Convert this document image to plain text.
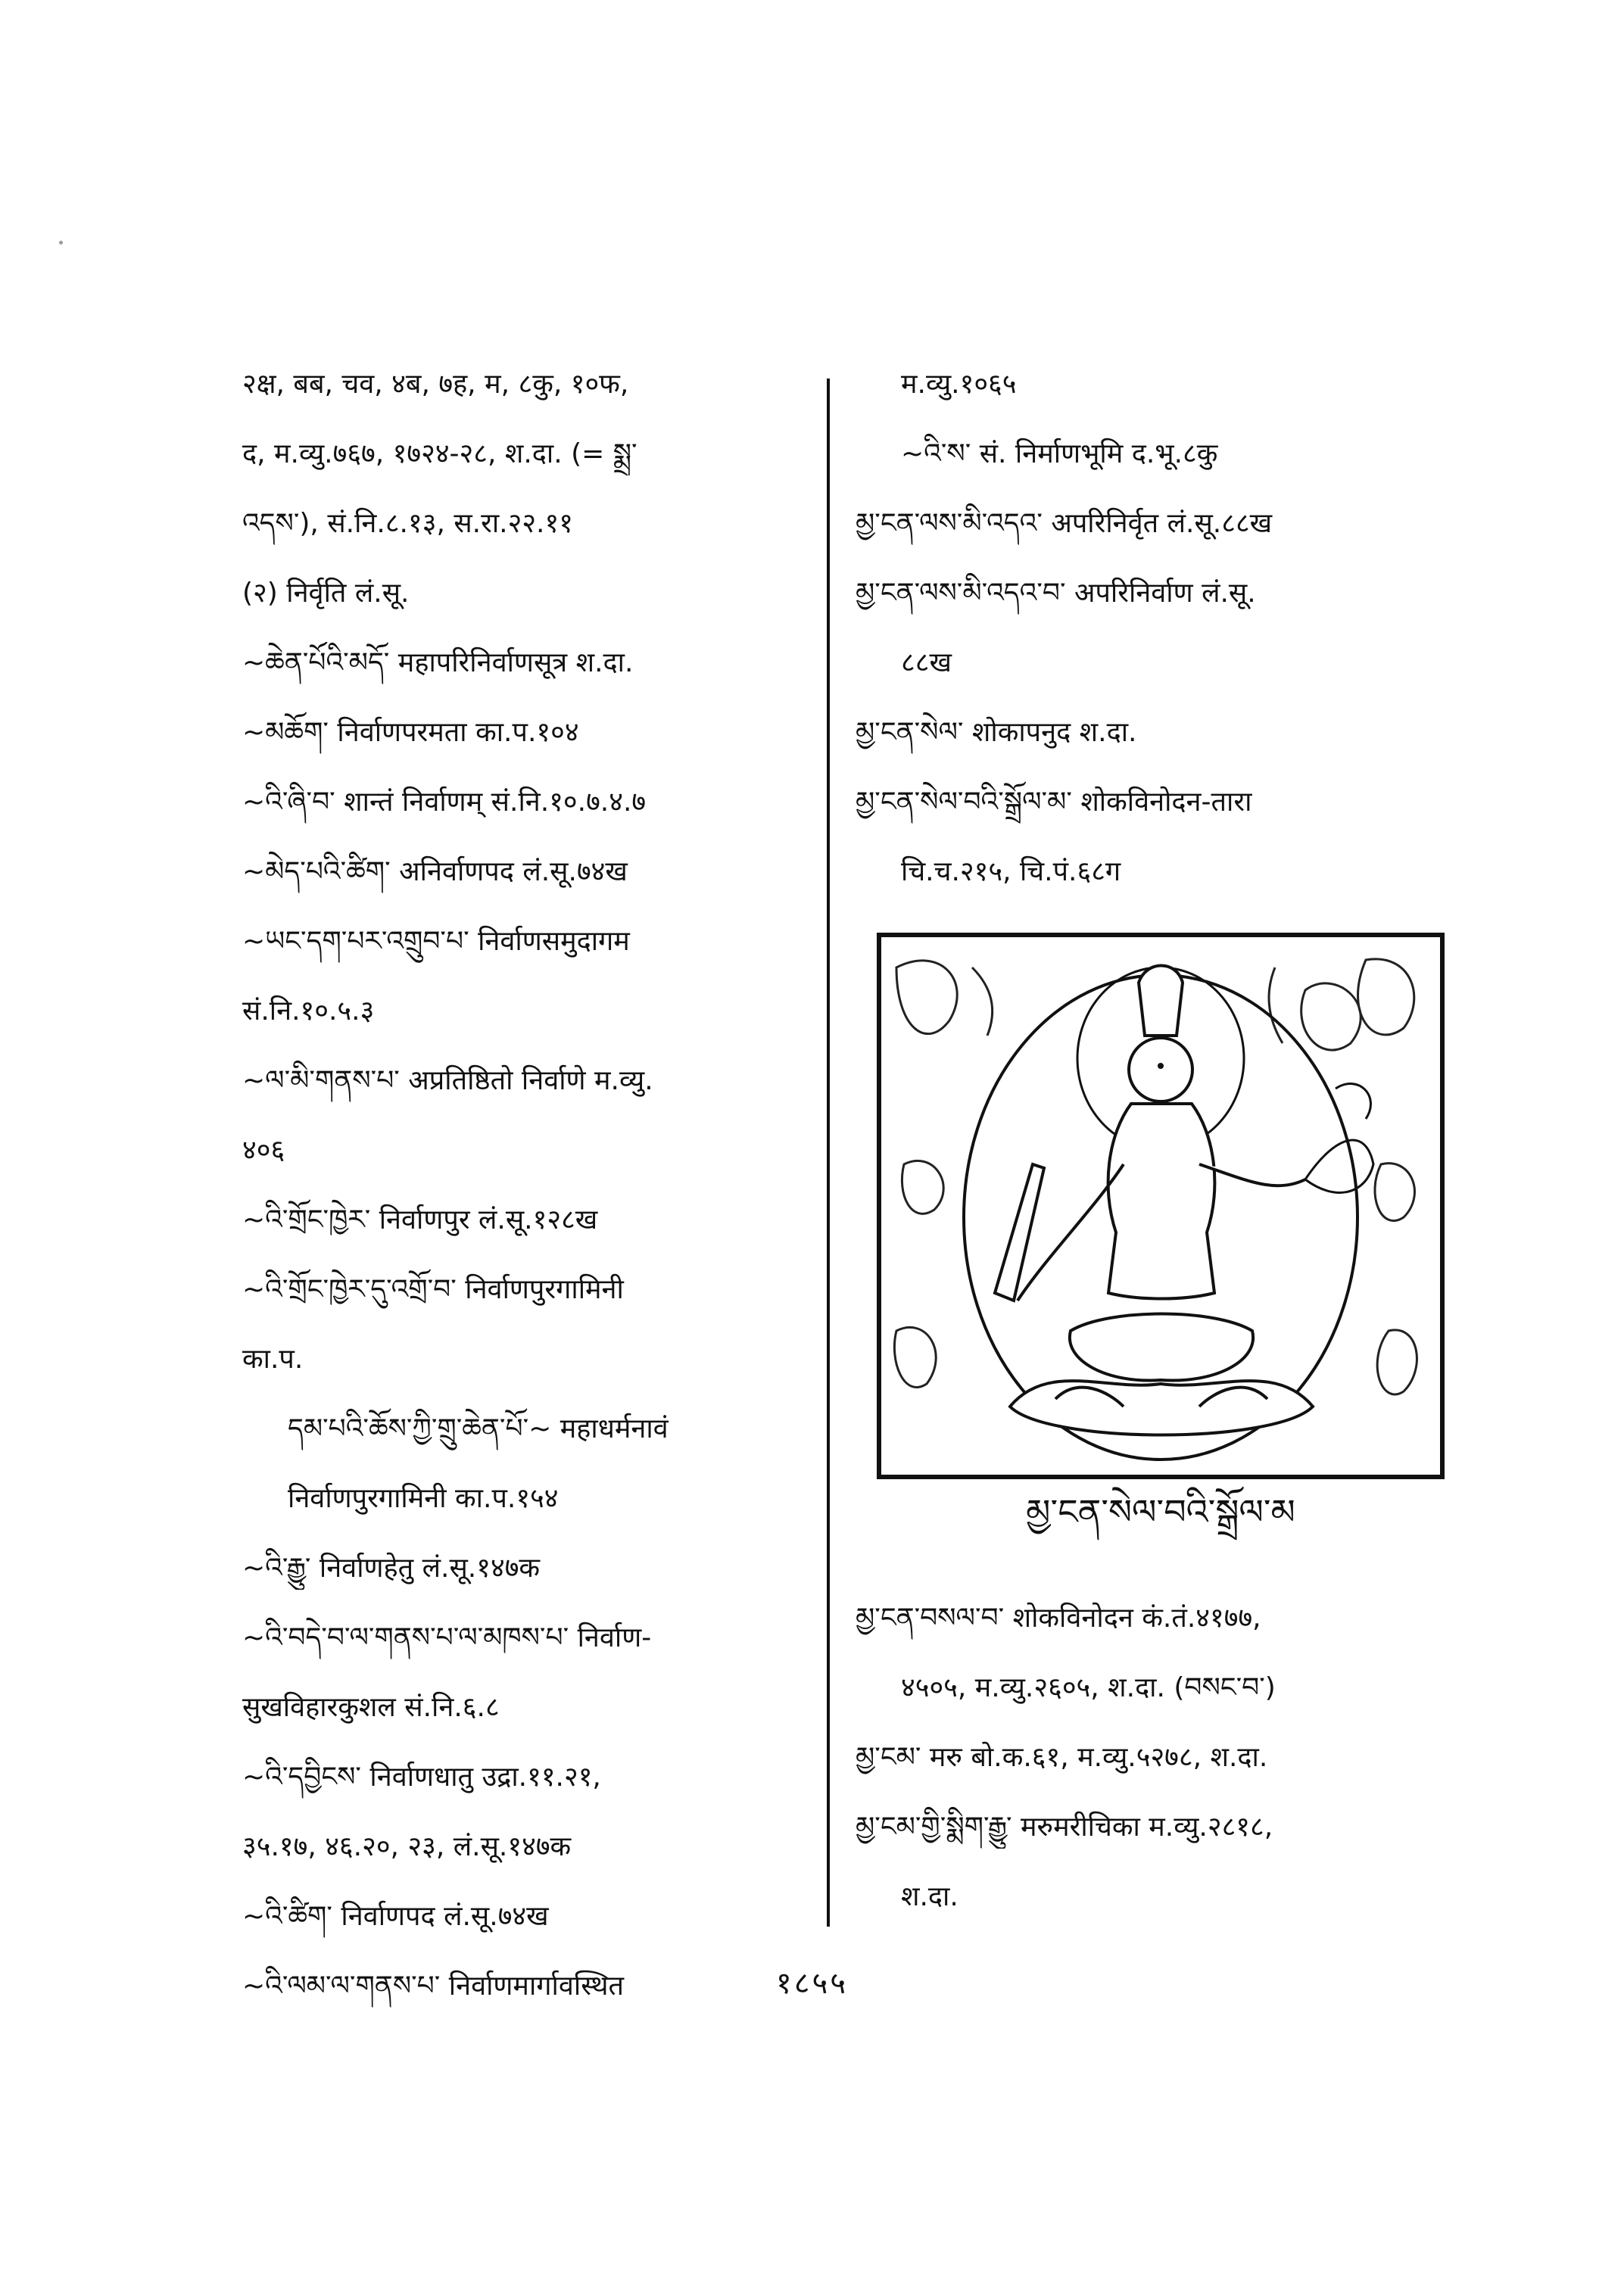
२क्ष, बब, चव, ४ब, ७ह, म, ८कु, १०फ,
द, म.व्यु.७६७, १७२४-२८, श.दा. (= སྨྲ་
འདས་), सं.नि.८.१३, स.रा.२२.११
(२) निर्वृति लं.सू.
~ཆེན་པོའི་མདོ་ महापरिनिर्वाणसूत्र श.दा.
~མཆོག་ निर्वाणपरमता का.प.१०४
~འི་ཞི་བ་ शान्तं निर्वाणम् सं.नि.१०.७.४.७
~མེད་པའི་ཚིག་ अनिर्वाणपद लं.सू.७४ख
~ཡང་དག་པར་འགྲུབ་པ་ निर्वाणसमुदागम
सं.नि.१०.५.३
~ལ་མི་གནས་པ་ अप्रतिष्ठितो निर्वाणे म.व्यु.
४०६
~འི་གྲོང་ཁྱེར་ निर्वाणपुर लं.सू.१२८ख
~འི་གྲོང་ཁྱེར་དུ་འགྲོ་བ་ निर्वाणपुरगामिनी
का.प.
དམ་པའི་ཆོས་ཀྱི་གྲུ་ཆེན་པོ་~ महाधर्मनावं
निर्वाणपुरगामिनी का.प.१५४
~འི་རྒྱུ་ निर्वाणहेतु लं.सू.१४७क
~འི་བདེ་བ་ལ་གནས་པ་ལ་མཁས་པ་ निर्वाण-
सुखविहारकुशल सं.नि.६.८
~འི་དབྱིངས་ निर्वाणधातु उद्रा.११.२१,
३५.१७, ४६.२०, २३, लं.सू.१४७क
~འི་ཚིག་ निर्वाणपद लं.सू.७४ख
~འི་ལམ་ལ་གནས་པ་ निर्वाणमार्गावस्थित
म.व्यु.१०६५
~འི་ས་ सं. निर्माणभूमि द.भू.८कु
མྱ་ངན་ལས་མི་འདའ་ अपरिनिर्वृत लं.सू.८८ख
མྱ་ངན་ལས་མི་འདའ་བ་ अपरिनिर्वाण लं.सू.
८८ख
མྱ་ངན་སེལ་ शोकापनुद श.दा.
མྱ་ངན་སེལ་བའི་སྒྲོལ་མ་ शोकविनोदन-तारा
चि.च.२१५, चि.पं.६८ग
མྱ་ངན་སེལ་བའི་སྒྲོལ་མ
མྱ་ངན་བསལ་བ་ शोकविनोदन कं.तं.४१७७,
४५०५, म.व्यु.२६०५, श.दा. (བསང་བ་)
མྱ་ངམ་ मरु बो.क.६१, म.व्यु.५२७८, श.दा.
མྱ་ངམ་གྱི་སྨིག་རྒྱུ་ मरुमरीचिका म.व्यु.२८१८,
श.दा.
१८५५
